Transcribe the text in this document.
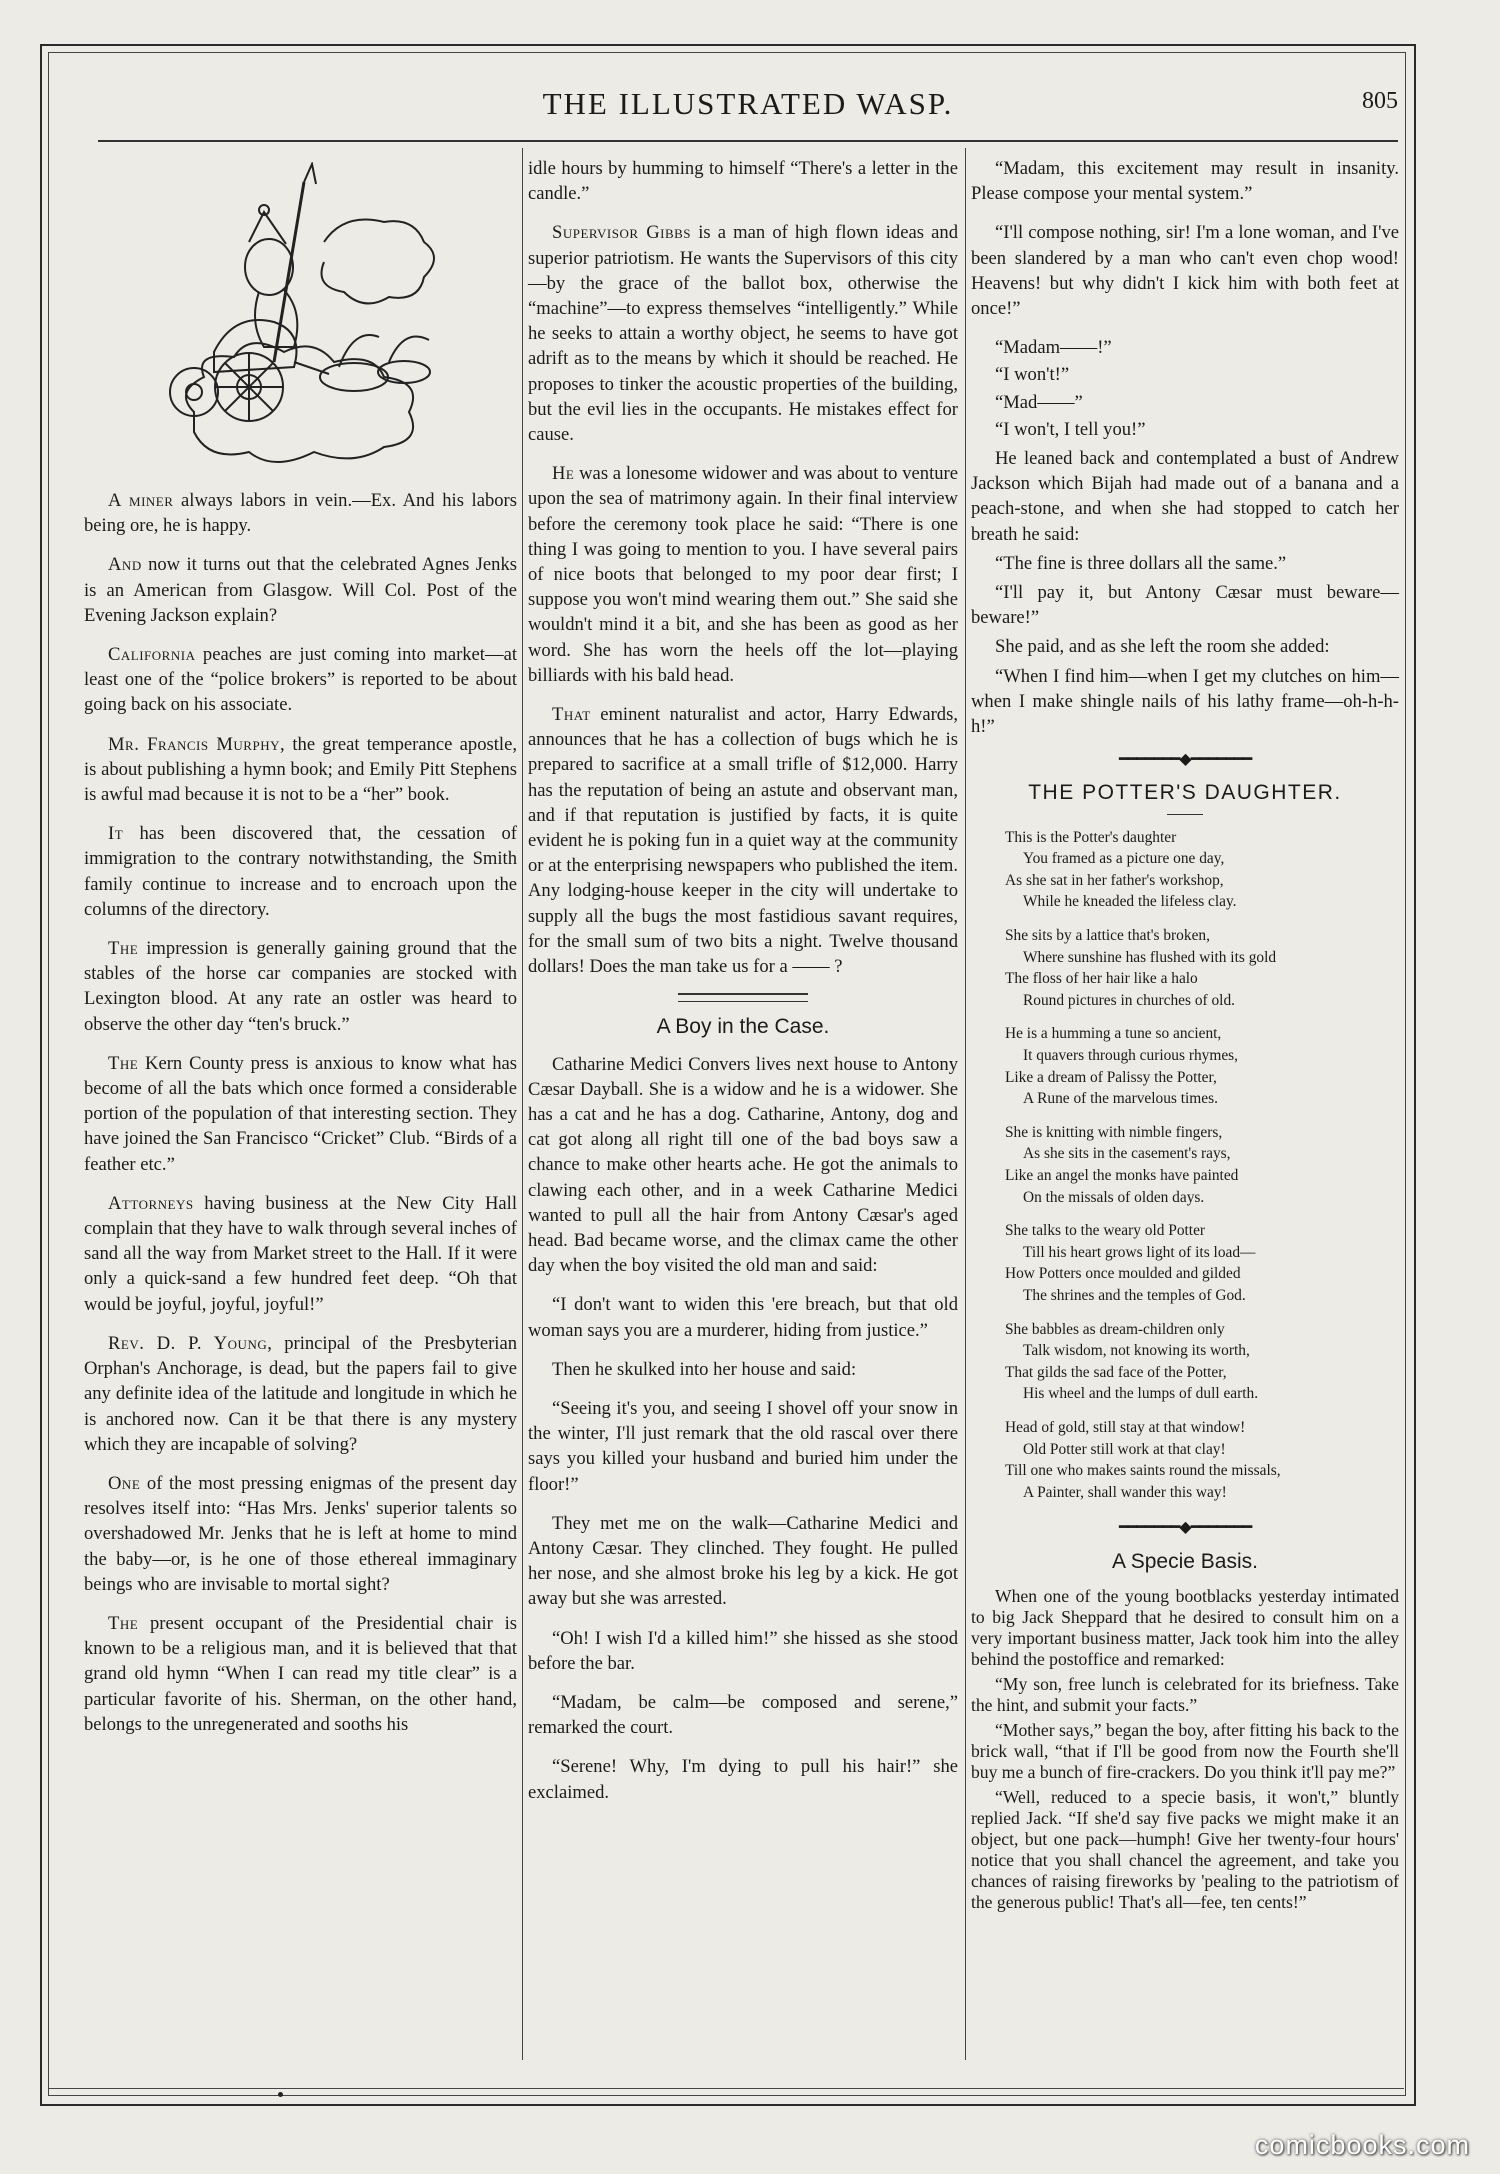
THE ILLUSTRATED WASP.	805

A miner always labors in vein.—Ex. And his labors being ore, he is happy.

And now it turns out that the celebrated Agnes Jenks is an American from Glasgow. Will Col. Post of the Evening Jackson explain?

California peaches are just coming into market—at least one of the “police brokers” is reported to be about going back on his associate.

Mr. Francis Murphy, the great temperance apostle, is about publishing a hymn book; and Emily Pitt Stephens is awful mad because it is not to be a “her” book.

It has been discovered that, the cessation of immigration to the contrary notwithstanding, the Smith family continue to increase and to encroach upon the columns of the directory.

The impression is generally gaining ground that the stables of the horse car companies are stocked with Lexington blood. At any rate an ostler was heard to observe the other day “ten's bruck.”

The Kern County press is anxious to know what has become of all the bats which once formed a considerable portion of the population of that interesting section. They have joined the San Francisco “Cricket” Club. “Birds of a feather etc.”

Attorneys having business at the New City Hall complain that they have to walk through several inches of sand all the way from Market street to the Hall. If it were only a quick-sand a few hundred feet deep. “Oh that would be joyful, joyful, joyful!”

Rev. D. P. Young, principal of the Presbyterian Orphan's Anchorage, is dead, but the papers fail to give any definite idea of the latitude and longitude in which he is anchored now. Can it be that there is any mystery which they are incapable of solving?

One of the most pressing enigmas of the present day resolves itself into: “Has Mrs. Jenks' superior talents so overshadowed Mr. Jenks that he is left at home to mind the baby—or, is he one of those ethereal immaginary beings who are invisable to mortal sight?

The present occupant of the Presidential chair is known to be a religious man, and it is believed that that grand old hymn “When I can read my title clear” is a particular favorite of his. Sherman, on the other hand, belongs to the unregenerated and sooths his

idle hours by humming to himself “There's a letter in the candle.”

Supervisor Gibbs is a man of high flown ideas and superior patriotism. He wants the Supervisors of this city—by the grace of the ballot box, otherwise the “machine”—to express themselves “intelligently.” While he seeks to attain a worthy object, he seems to have got adrift as to the means by which it should be reached. He proposes to tinker the acoustic properties of the building, but the evil lies in the occupants. He mistakes effect for cause.

He was a lonesome widower and was about to venture upon the sea of matrimony again. In their final interview before the ceremony took place he said: “There is one thing I was going to mention to you. I have several pairs of nice boots that belonged to my poor dear first; I suppose you won't mind wearing them out.” She said she wouldn't mind it a bit, and she has been as good as her word. She has worn the heels off the lot—playing billiards with his bald head.

That eminent naturalist and actor, Harry Edwards, announces that he has a collection of bugs which he is prepared to sacrifice at a small trifle of $12,000. Harry has the reputation of being an astute and observant man, and if that reputation is justified by facts, it is quite evident he is poking fun in a quiet way at the community or at the enterprising newspapers who published the item. Any lodging-house keeper in the city will undertake to supply all the bugs the most fastidious savant requires, for the small sum of two bits a night. Twelve thousand dollars! Does the man take us for a —— ?

A Boy in the Case.

Catharine Medici Convers lives next house to Antony Cæsar Dayball. She is a widow and he is a widower. She has a cat and he has a dog. Catharine, Antony, dog and cat got along all right till one of the bad boys saw a chance to make other hearts ache. He got the animals to clawing each other, and in a week Catharine Medici wanted to pull all the hair from Antony Cæsar's aged head. Bad became worse, and the climax came the other day when the boy visited the old man and said:

“I don't want to widen this 'ere breach, but that old woman says you are a murderer, hiding from justice.”

Then he skulked into her house and said:

“Seeing it's you, and seeing I shovel off your snow in the winter, I'll just remark that the old rascal over there says you killed your husband and buried him under the floor!”

They met me on the walk—Catharine Medici and Antony Cæsar. They clinched. They fought. He pulled her nose, and she almost broke his leg by a kick. He got away but she was arrested.

“Oh! I wish I'd a killed him!” she hissed as she stood before the bar.

“Madam, be calm—be composed and serene,” remarked the court.

“Serene! Why, I'm dying to pull his hair!” she exclaimed.

“Madam, this excitement may result in insanity. Please compose your mental system.”

“I'll compose nothing, sir! I'm a lone woman, and I've been slandered by a man who can't even chop wood! Heavens! but why didn't I kick him with both feet at once!”

“Madam——!”

“I won't!”

“Mad——”

“I won't, I tell you!”

He leaned back and contemplated a bust of Andrew Jackson which Bijah had made out of a banana and a peach-stone, and when she had stopped to catch her breath he said:

“The fine is three dollars all the same.”

“I'll pay it, but Antony Cæsar must beware—beware!”

She paid, and as she left the room she added:

“When I find him—when I get my clutches on him—when I make shingle nails of his lathy frame—oh-h-h-h!”

━━━━━━━◆━━━━━━━
THE POTTER'S DAUGHTER.
This is the Potter's daughter
You framed as a picture one day,
As she sat in her father's workshop,
While he kneaded the lifeless clay.
She sits by a lattice that's broken,
Where sunshine has flushed with its gold
The floss of her hair like a halo
Round pictures in churches of old.
He is a humming a tune so ancient,
It quavers through curious rhymes,
Like a dream of Palissy the Potter,
A Rune of the marvelous times.
She is knitting with nimble fingers,
As she sits in the casement's rays,
Like an angel the monks have painted
On the missals of olden days.
She talks to the weary old Potter
Till his heart grows light of its load—
How Potters once moulded and gilded
The shrines and the temples of God.
She babbles as dream-children only
Talk wisdom, not knowing its worth,
That gilds the sad face of the Potter,
His wheel and the lumps of dull earth.
Head of gold, still stay at that window!
Old Potter still work at that clay!
Till one who makes saints round the missals,
A Painter, shall wander this way!
━━━━━━━◆━━━━━━━
A Specie Basis.

When one of the young bootblacks yesterday intimated to big Jack Sheppard that he desired to consult him on a very important business matter, Jack took him into the alley behind the postoffice and remarked:

“My son, free lunch is celebrated for its briefness. Take the hint, and submit your facts.”

“Mother says,” began the boy, after fitting his back to the brick wall, “that if I'll be good from now the Fourth she'll buy me a bunch of fire-crackers. Do you think it'll pay me?”

“Well, reduced to a specie basis, it won't,” bluntly replied Jack. “If she'd say five packs we might make it an object, but one pack—humph! Give her twenty-four hours' notice that you shall chancel the agreement, and take you chances of raising fireworks by 'pealing to the patriotism of the generous public! That's all—fee, ten cents!”

comicbooks.com
